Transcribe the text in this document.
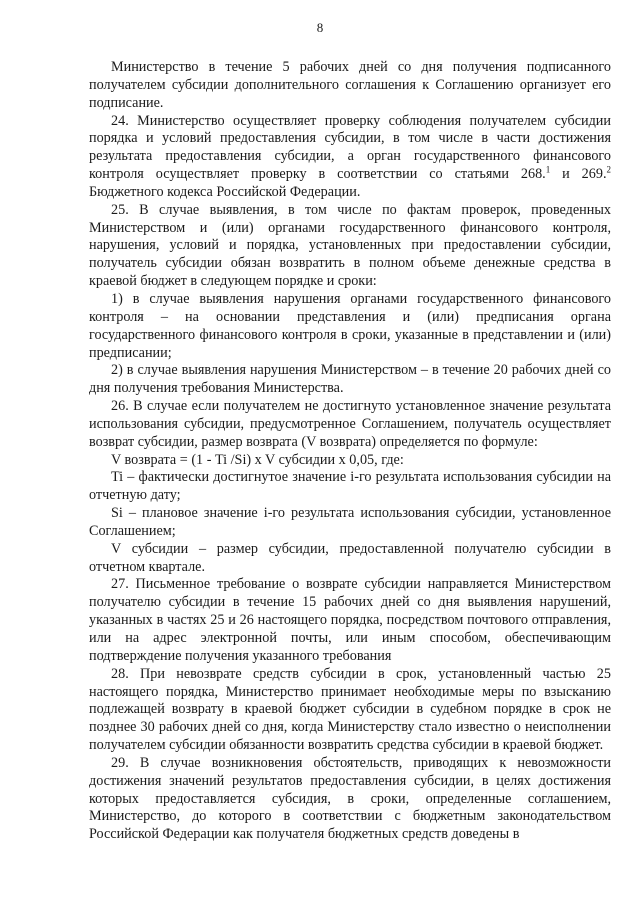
8

Министерство в течение 5 рабочих дней со дня получения подписанного получателем субсидии дополнительного соглашения к Соглашению организует его подписание.

24. Министерство осуществляет проверку соблюдения получателем субсидии порядка и условий предоставления субсидии, в том числе в части достижения результата предоставления субсидии, а орган государственного финансового контроля осуществляет проверку в соответствии со статьями 268.$^1$ и 269.$^2$ Бюджетного кодекса Российской Федерации.

25. В случае выявления, в том числе по фактам проверок, проведенных Министерством и (или) органами государственного финансового контроля, нарушения, условий и порядка, установленных при предоставлении субсидии, получатель субсидии обязан возвратить в полном объеме денежные средства в краевой бюджет в следующем порядке и сроки:

1) в случае выявления нарушения органами государственного финансового контроля – на основании представления и (или) предписания органа государственного финансового контроля в сроки, указанные в представлении и (или) предписании;

2) в случае выявления нарушения Министерством – в течение 20 рабочих дней со дня получения требования Министерства.

26. В случае если получателем не достигнуто установленное значение результата использования субсидии, предусмотренное Соглашением, получатель осуществляет возврат субсидии, размер возврата (V возврата) определяется по формуле:

V возврата = (1 - Ti /Si) x V субсидии x 0,05, где:

Ti – фактически достигнутое значение i-го результата использования субсидии на отчетную дату;

Si – плановое значение i-го результата использования субсидии, установленное Соглашением;

V субсидии – размер субсидии, предоставленной получателю субсидии в отчетном квартале.

27. Письменное требование о возврате субсидии направляется Министерством получателю субсидии в течение 15 рабочих дней со дня выявления нарушений, указанных в частях 25 и 26 настоящего порядка, посредством почтового отправления, или на адрес электронной почты, или иным способом, обеспечивающим подтверждение получения указанного требования

28. При невозврате средств субсидии в срок, установленный частью 25 настоящего порядка, Министерство принимает необходимые меры по взысканию подлежащей возврату в краевой бюджет субсидии в судебном порядке в срок не позднее 30 рабочих дней со дня, когда Министерству стало известно о неисполнении получателем субсидии обязанности возвратить средства субсидии в краевой бюджет.

29. В случае возникновения обстоятельств, приводящих к невозможности достижения значений результатов предоставления субсидии, в целях достижения которых предоставляется субсидия, в сроки, определенные соглашением, Министерство, до которого в соответствии с бюджетным законодательством Российской Федерации как получателя бюджетных средств доведены в
